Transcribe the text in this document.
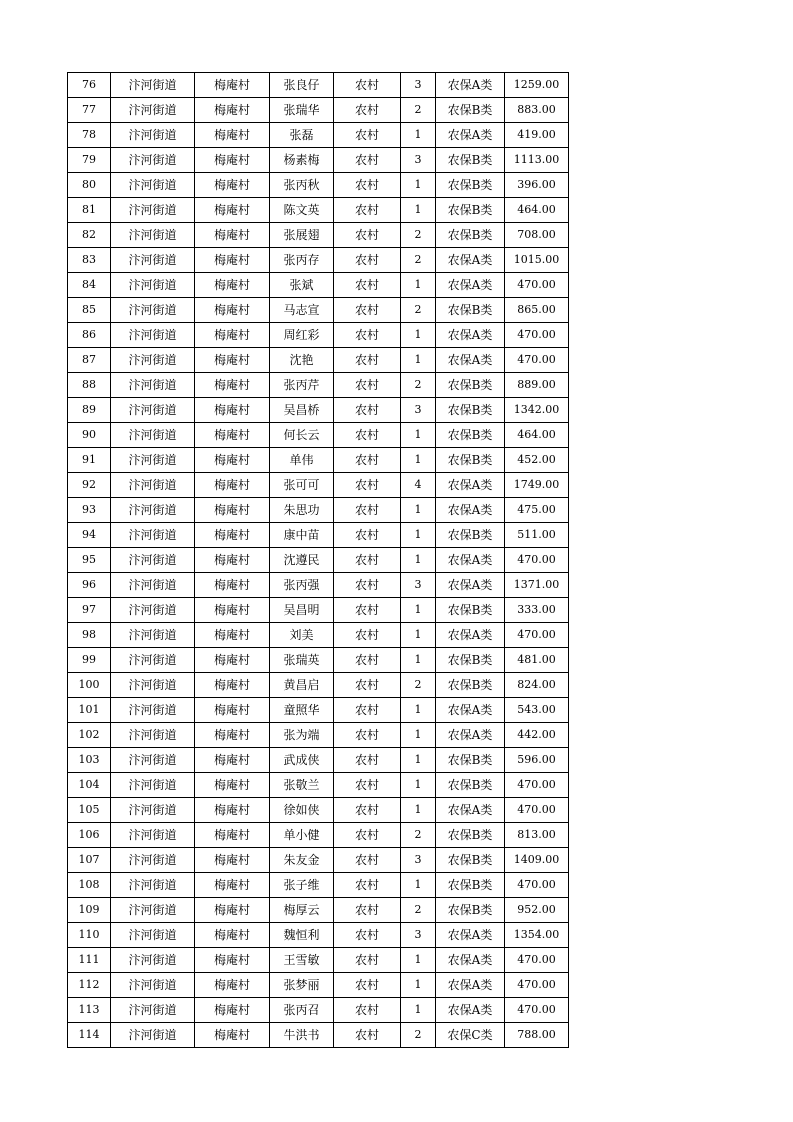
76	汴河街道	梅庵村	张良仔	农村	3	农保A类	1259.00
77	汴河街道	梅庵村	张瑞华	农村	2	农保B类	883.00
78	汴河街道	梅庵村	张磊	农村	1	农保A类	419.00
79	汴河街道	梅庵村	杨素梅	农村	3	农保B类	1113.00
80	汴河街道	梅庵村	张丙秋	农村	1	农保B类	396.00
81	汴河街道	梅庵村	陈文英	农村	1	农保B类	464.00
82	汴河街道	梅庵村	张展翅	农村	2	农保B类	708.00
83	汴河街道	梅庵村	张丙存	农村	2	农保A类	1015.00
84	汴河街道	梅庵村	张斌	农村	1	农保A类	470.00
85	汴河街道	梅庵村	马志宣	农村	2	农保B类	865.00
86	汴河街道	梅庵村	周红彩	农村	1	农保A类	470.00
87	汴河街道	梅庵村	沈艳	农村	1	农保A类	470.00
88	汴河街道	梅庵村	张丙芹	农村	2	农保B类	889.00
89	汴河街道	梅庵村	吴昌桥	农村	3	农保B类	1342.00
90	汴河街道	梅庵村	何长云	农村	1	农保B类	464.00
91	汴河街道	梅庵村	单伟	农村	1	农保B类	452.00
92	汴河街道	梅庵村	张可可	农村	4	农保A类	1749.00
93	汴河街道	梅庵村	朱思功	农村	1	农保A类	475.00
94	汴河街道	梅庵村	康中苗	农村	1	农保B类	511.00
95	汴河街道	梅庵村	沈遵民	农村	1	农保A类	470.00
96	汴河街道	梅庵村	张丙强	农村	3	农保A类	1371.00
97	汴河街道	梅庵村	吴昌明	农村	1	农保B类	333.00
98	汴河街道	梅庵村	刘美	农村	1	农保A类	470.00
99	汴河街道	梅庵村	张瑞英	农村	1	农保B类	481.00
100	汴河街道	梅庵村	黄昌启	农村	2	农保B类	824.00
101	汴河街道	梅庵村	童照华	农村	1	农保A类	543.00
102	汴河街道	梅庵村	张为端	农村	1	农保A类	442.00
103	汴河街道	梅庵村	武成侠	农村	1	农保B类	596.00
104	汴河街道	梅庵村	张敬兰	农村	1	农保B类	470.00
105	汴河街道	梅庵村	徐如侠	农村	1	农保A类	470.00
106	汴河街道	梅庵村	单小健	农村	2	农保B类	813.00
107	汴河街道	梅庵村	朱友金	农村	3	农保B类	1409.00
108	汴河街道	梅庵村	张子维	农村	1	农保B类	470.00
109	汴河街道	梅庵村	梅厚云	农村	2	农保B类	952.00
110	汴河街道	梅庵村	魏恒利	农村	3	农保A类	1354.00
111	汴河街道	梅庵村	王雪敏	农村	1	农保A类	470.00
112	汴河街道	梅庵村	张梦丽	农村	1	农保A类	470.00
113	汴河街道	梅庵村	张丙召	农村	1	农保A类	470.00
114	汴河街道	梅庵村	牛洪书	农村	2	农保C类	788.00
